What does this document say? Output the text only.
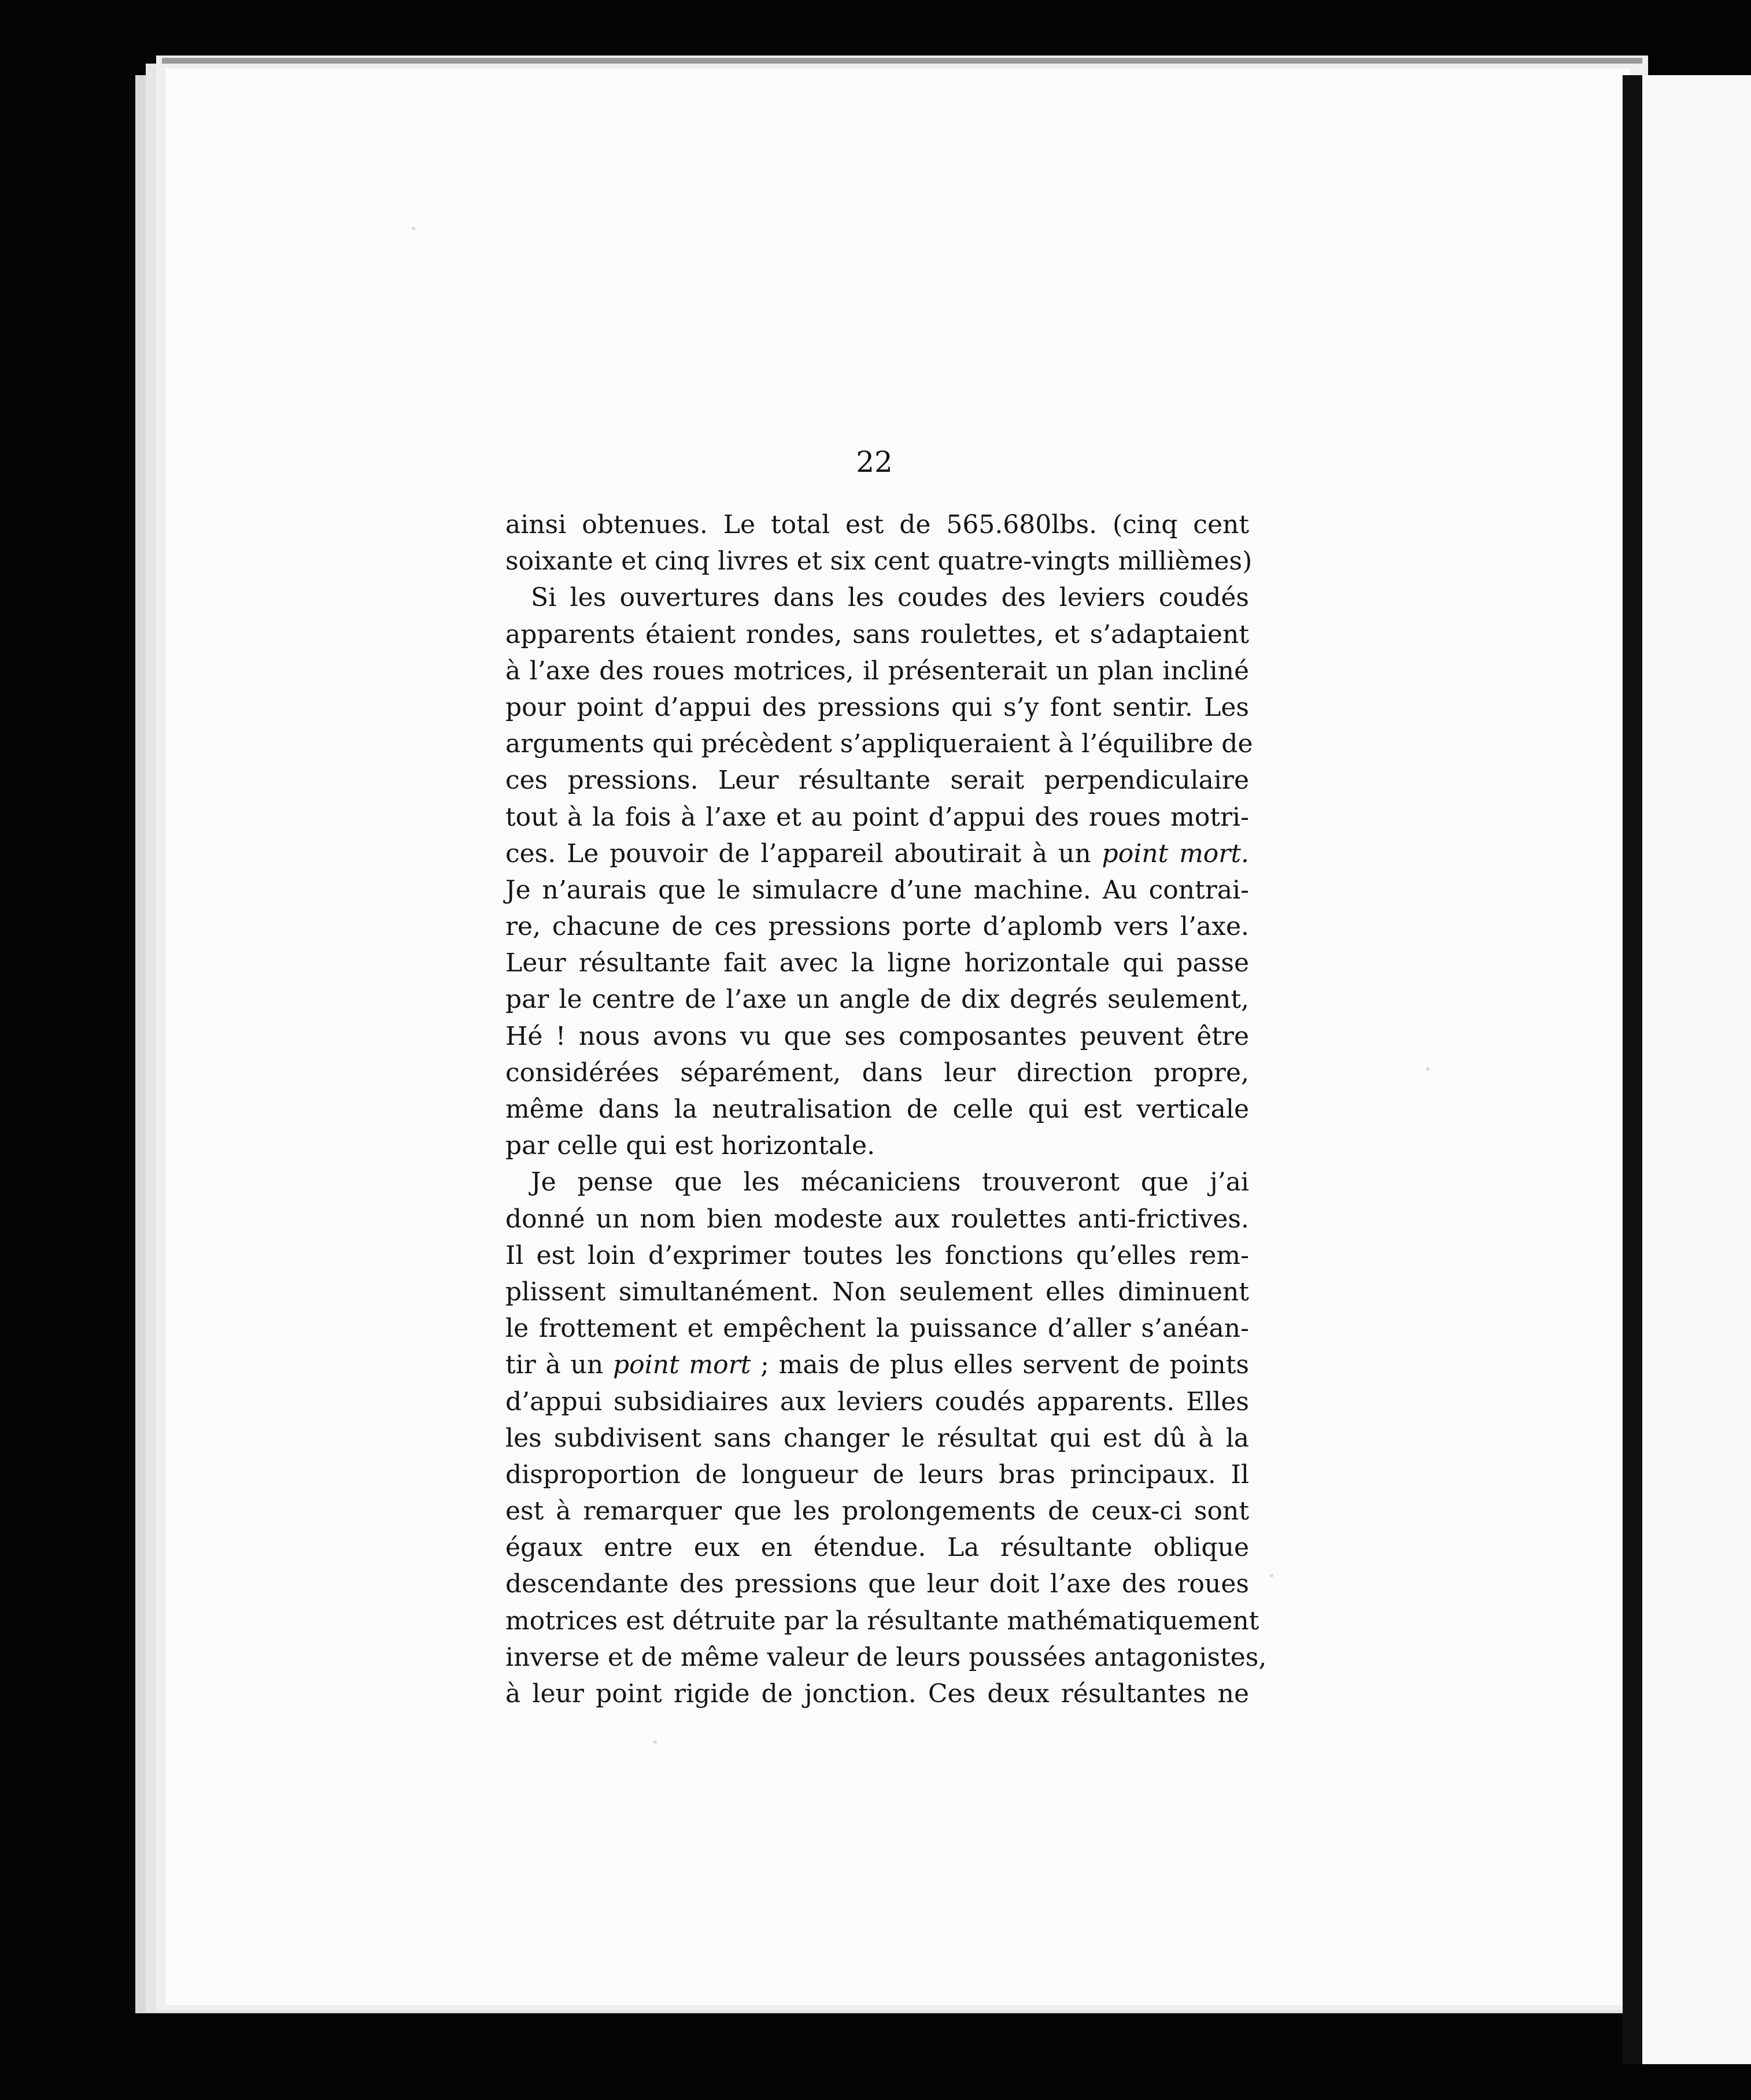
22
ainsi obtenues. Le total est de 565.680lbs. (cinq cent
soixante et cinq livres et six cent quatre-vingts millièmes)
Si les ouvertures dans les coudes des leviers coudés
apparents étaient rondes, sans roulettes, et s’adaptaient
à l’axe des roues motrices, il présenterait un plan incliné
pour point d’appui des pressions qui s’y font sentir. Les
arguments qui précèdent s’appliqueraient à l’équilibre de
ces pressions. Leur résultante serait perpendiculaire
tout à la fois à l’axe et au point d’appui des roues motri-
ces. Le pouvoir de l’appareil aboutirait à un point mort.
Je n’aurais que le simulacre d’une machine. Au contrai-
re, chacune de ces pressions porte d’aplomb vers l’axe.
Leur résultante fait avec la ligne horizontale qui passe
par le centre de l’axe un angle de dix degrés seulement,
Hé ! nous avons vu que ses composantes peuvent être
considérées séparément, dans leur direction propre,
même dans la neutralisation de celle qui est verticale
par celle qui est horizontale.
Je pense que les mécaniciens trouveront que j’ai
donné un nom bien modeste aux roulettes anti-frictives.
Il est loin d’exprimer toutes les fonctions qu’elles rem-
plissent simultanément. Non seulement elles diminuent
le frottement et empêchent la puissance d’aller s’anéan-
tir à un point mort ; mais de plus elles servent de points
d’appui subsidiaires aux leviers coudés apparents. Elles
les subdivisent sans changer le résultat qui est dû à la
disproportion de longueur de leurs bras principaux. Il
est à remarquer que les prolongements de ceux-ci sont
égaux entre eux en étendue. La résultante oblique
descendante des pressions que leur doit l’axe des roues
motrices est détruite par la résultante mathématiquement
inverse et de même valeur de leurs poussées antagonistes,
à leur point rigide de jonction. Ces deux résultantes ne
